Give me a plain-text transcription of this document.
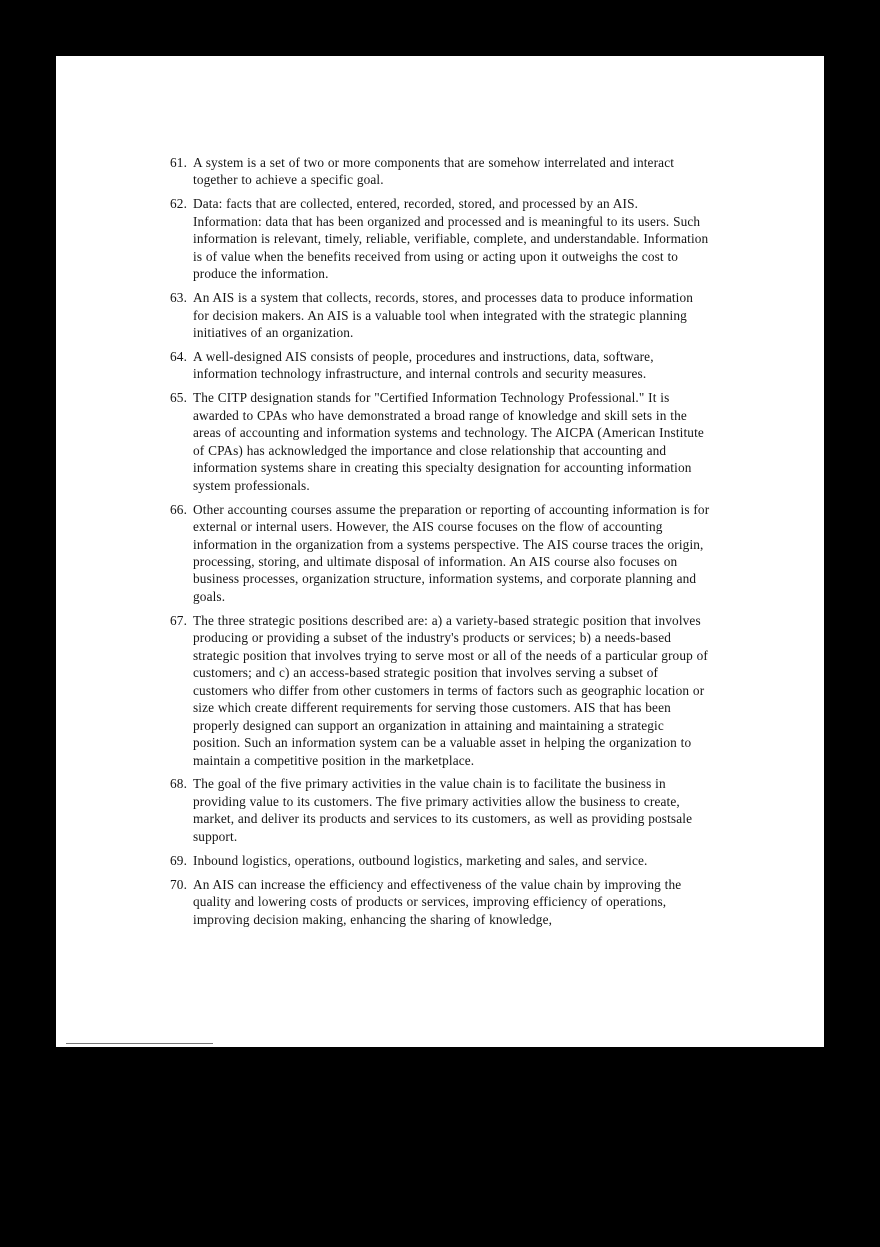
61. A system is a set of two or more components that are somehow interrelated and interact together to achieve a specific goal.
62. Data: facts that are collected, entered, recorded, stored, and processed by an AIS. Information: data that has been organized and processed and is meaningful to its users. Such information is relevant, timely, reliable, verifiable, complete, and understandable. Information is of value when the benefits received from using or acting upon it outweighs the cost to produce the information.
63. An AIS is a system that collects, records, stores, and processes data to produce information for decision makers. An AIS is a valuable tool when integrated with the strategic planning initiatives of an organization.
64. A well-designed AIS consists of people, procedures and instructions, data, software, information technology infrastructure, and internal controls and security measures.
65. The CITP designation stands for "Certified Information Technology Professional." It is awarded to CPAs who have demonstrated a broad range of knowledge and skill sets in the areas of accounting and information systems and technology. The AICPA (American Institute of CPAs) has acknowledged the importance and close relationship that accounting and information systems share in creating this specialty designation for accounting information system professionals.
66. Other accounting courses assume the preparation or reporting of accounting information is for external or internal users. However, the AIS course focuses on the flow of accounting information in the organization from a systems perspective. The AIS course traces the origin, processing, storing, and ultimate disposal of information. An AIS course also focuses on business processes, organization structure, information systems, and corporate planning and goals.
67. The three strategic positions described are: a) a variety-based strategic position that involves producing or providing a subset of the industry's products or services; b) a needs-based strategic position that involves trying to serve most or all of the needs of a particular group of customers; and c) an access-based strategic position that involves serving a subset of customers who differ from other customers in terms of factors such as geographic location or size which create different requirements for serving those customers. AIS that has been properly designed can support an organization in attaining and maintaining a strategic position. Such an information system can be a valuable asset in helping the organization to maintain a competitive position in the marketplace.
68. The goal of the five primary activities in the value chain is to facilitate the business in providing value to its customers. The five primary activities allow the business to create, market, and deliver its products and services to its customers, as well as providing postsale support.
69. Inbound logistics, operations, outbound logistics, marketing and sales, and service.
70. An AIS can increase the efficiency and effectiveness of the value chain by improving the quality and lowering costs of products or services, improving efficiency of operations, improving decision making, enhancing the sharing of knowledge,
